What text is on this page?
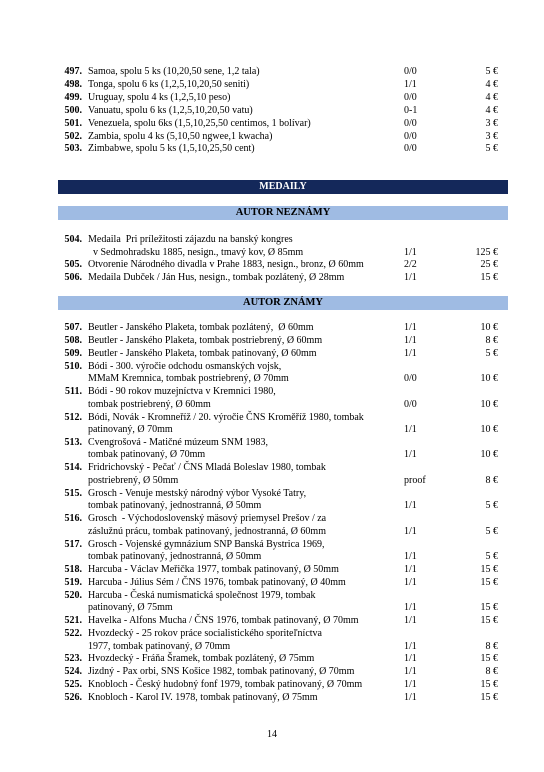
497. Samoa, spolu 5 ks (10,20,50 sene, 1,2 tala)	0/0	5 €
498. Tonga, spolu 6 ks (1,2,5,10,20,50 seniti)	1/1	4 €
499. Uruguay, spolu 4 ks (1,2,5,10 peso)	0/0	4 €
500. Vanuatu, spolu 6 ks (1,2,5,10,20,50 vatu)	0-1	4 €
501. Venezuela, spolu 6ks (1,5,10,25,50 centimos, 1 bolívar)	0/0	3 €
502. Zambia, spolu 4 ks (5,10,50 ngwee,1 kwacha)	0/0	3 €
503. Zimbabwe, spolu 5 ks (1,5,10,25,50 cent)	0/0	5 €
MEDAILY
AUTOR NEZNÁMY
504. Medaila  Pri príležitosti zájazdu na banský kongres
v Sedmohradsku 1885, nesign., tmavý kov, Ø 85mm	1/1	125 €
505. Otvorenie Národného divadla v Prahe 1883, nesign., bronz, Ø 60mm	2/2	25 €
506. Medaila Dubček / Ján Hus, nesign., tombak pozlátený, Ø 28mm	1/1	15 €
AUTOR ZNÁMY
507. Beutler - Janského Plaketa, tombak pozlátený,  Ø 60mm	1/1	10 €
508. Beutler - Janského Plaketa, tombak postriebrený, Ø 60mm	1/1	8 €
509. Beutler - Janského Plaketa, tombak patinovaný, Ø 60mm	1/1	5 €
510. Bódi - 300. výročie odchodu osmanských vojsk,
MMaM Kremnica, tombak postriebrený, Ø 70mm	0/0	10 €
511. Bódi - 90 rokov muzejníctva v Kremnici 1980,
tombak postriebrený, Ø 60mm	0/0	10 €
512. Bódi, Novák - Kromneříž / 20. výročie ČNS Kroměříž 1980, tombak
patinovaný, Ø 70mm	1/1	10 €
513. Cvengrošová - Matičné múzeum SNM 1983,
tombak patinovaný, Ø 70mm	1/1	10 €
514. Fridrichovský - Pečať / ČNS Mladá Boleslav 1980, tombak
postriebrený, Ø 50mm	proof	8 €
515. Grosch - Venuje mestský národný výbor Vysoké Tatry,
tombak patinovaný, jednostranná, Ø 50mm	1/1	5 €
516. Grosch  - Východoslovenský mäsový priemysel Prešov / za
záslužnú prácu, tombak patinovaný, jednostranná, Ø 60mm	1/1	5 €
517. Grosch - Vojenské gymnázium SNP Banská Bystrica 1969,
tombak patinovaný, jednostranná, Ø 50mm	1/1	5 €
518. Harcuba - Václav Meřička 1977, tombak patinovaný, Ø 50mm	1/1	15 €
519. Harcuba - Július Sém / ČNS 1976, tombak patinovaný, Ø 40mm	1/1	15 €
520. Harcuba - Česká numismatická společnost 1979, tombak
patinovaný, Ø 75mm	1/1	15 €
521. Havelka - Alfons Mucha / ČNS 1976, tombak patinovaný, Ø 70mm	1/1	15 €
522. Hvozdecký - 25 rokov práce socialistického sporiteľníctva
1977, tombak patinovaný, Ø 70mm	1/1	8 €
523. Hvozdecký - Fráňa Šramek, tombak pozlátený, Ø 75mm	1/1	15 €
524. Jizdný - Pax orbi, SNS Košice 1982, tombak patinovaný, Ø 70mm	1/1	8 €
525. Knobloch - Český hudobný fonf 1979, tombak patinovaný, Ø 70mm	1/1	15 €
526. Knobloch - Karol IV. 1978, tombak patinovaný, Ø 75mm	1/1	15 €
14
